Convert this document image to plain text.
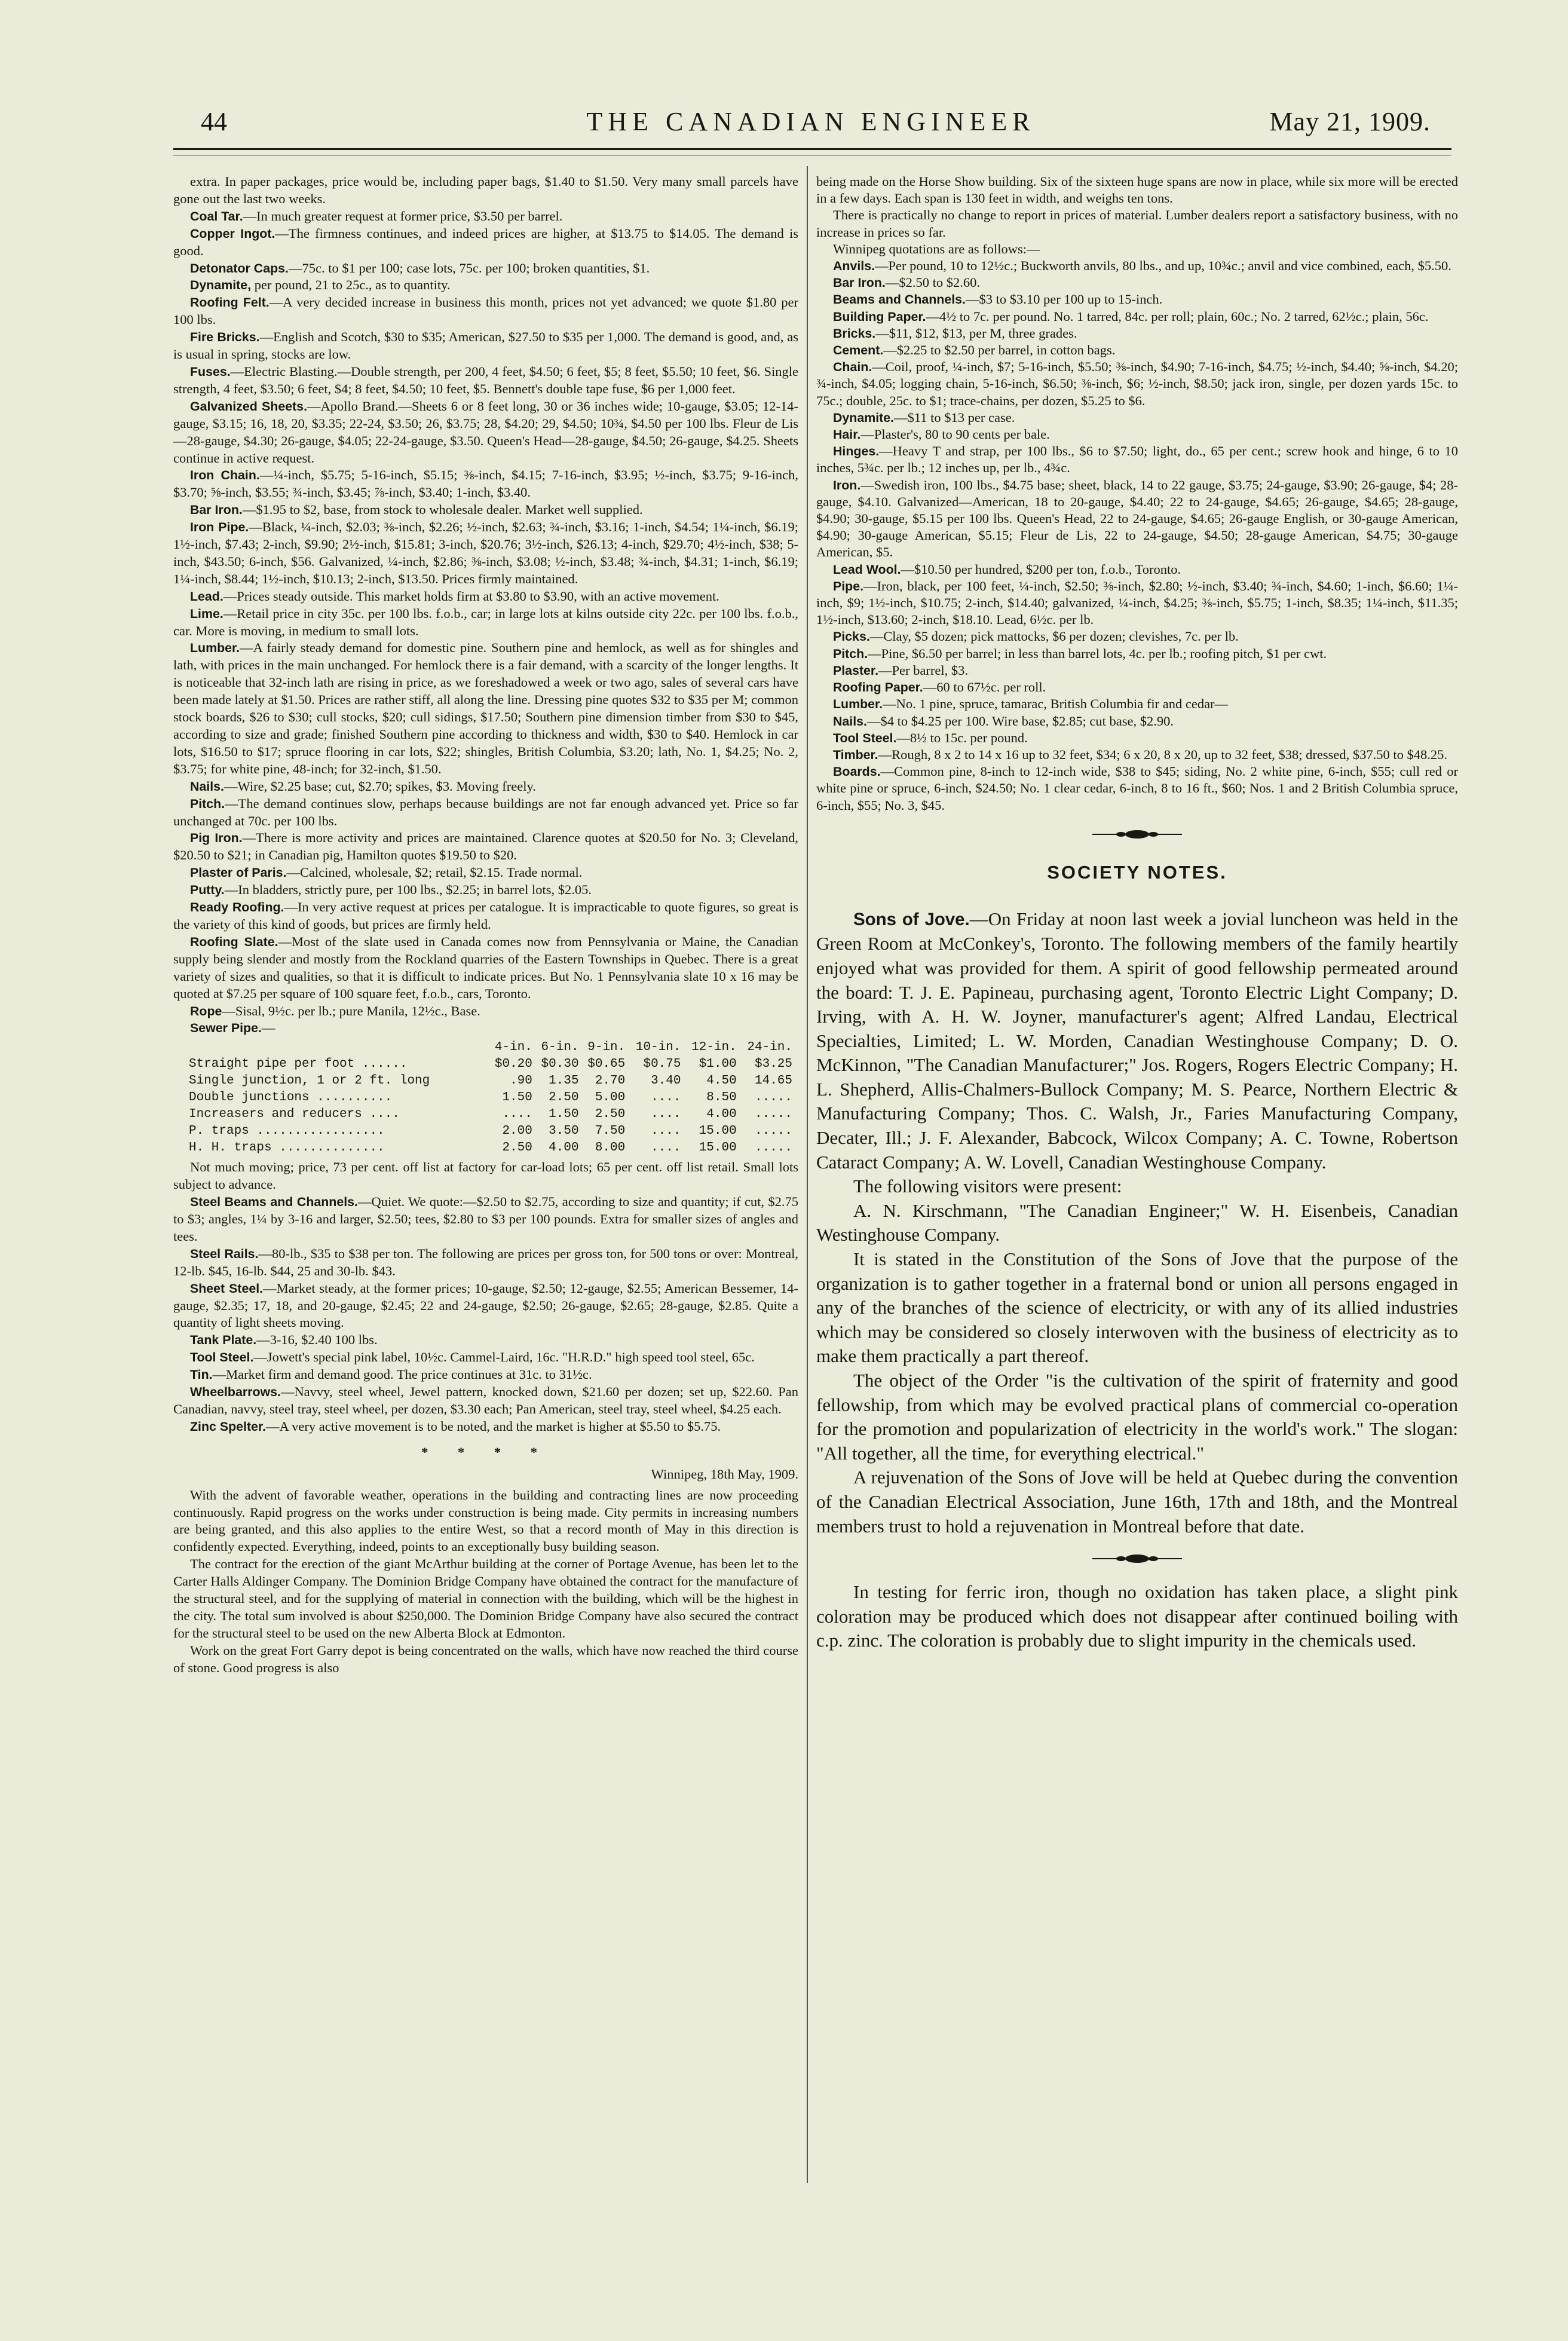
44	THE CANADIAN ENGINEER	May 21, 1909.

extra. In paper packages, price would be, including paper bags, $1.40 to $1.50. Very many small parcels have gone out the last two weeks.

Coal Tar.—In much greater request at former price, $3.50 per barrel.

Copper Ingot.—The firmness continues, and indeed prices are higher, at $13.75 to $14.05. The demand is good.

Detonator Caps.—75c. to $1 per 100; case lots, 75c. per 100; broken quantities, $1.

Dynamite, per pound, 21 to 25c., as to quantity.

Roofing Felt.—A very decided increase in business this month, prices not yet advanced; we quote $1.80 per 100 lbs.

Fire Bricks.—English and Scotch, $30 to $35; American, $27.50 to $35 per 1,000. The demand is good, and, as is usual in spring, stocks are low.

Fuses.—Electric Blasting.—Double strength, per 200, 4 feet, $4.50; 6 feet, $5; 8 feet, $5.50; 10 feet, $6. Single strength, 4 feet, $3.50; 6 feet, $4; 8 feet, $4.50; 10 feet, $5. Bennett's double tape fuse, $6 per 1,000 feet.

Galvanized Sheets.—Apollo Brand.—Sheets 6 or 8 feet long, 30 or 36 inches wide; 10-gauge, $3.05; 12-14-gauge, $3.15; 16, 18, 20, $3.35; 22-24, $3.50; 26, $3.75; 28, $4.20; 29, $4.50; 10¾, $4.50 per 100 lbs. Fleur de Lis—28-gauge, $4.30; 26-gauge, $4.05; 22-24-gauge, $3.50. Queen's Head—28-gauge, $4.50; 26-gauge, $4.25. Sheets continue in active request.

Iron Chain.—¼-inch, $5.75; 5-16-inch, $5.15; ⅜-inch, $4.15; 7-16-inch, $3.95; ½-inch, $3.75; 9-16-inch, $3.70; ⅝-inch, $3.55; ¾-inch, $3.45; ⅞-inch, $3.40; 1-inch, $3.40.

Bar Iron.—$1.95 to $2, base, from stock to wholesale dealer. Market well supplied.

Iron Pipe.—Black, ¼-inch, $2.03; ⅜-inch, $2.26; ½-inch, $2.63; ¾-inch, $3.16; 1-inch, $4.54; 1¼-inch, $6.19; 1½-inch, $7.43; 2-inch, $9.90; 2½-inch, $15.81; 3-inch, $20.76; 3½-inch, $26.13; 4-inch, $29.70; 4½-inch, $38; 5-inch, $43.50; 6-inch, $56. Galvanized, ¼-inch, $2.86; ⅜-inch, $3.08; ½-inch, $3.48; ¾-inch, $4.31; 1-inch, $6.19; 1¼-inch, $8.44; 1½-inch, $10.13; 2-inch, $13.50. Prices firmly maintained.

Lead.—Prices steady outside. This market holds firm at $3.80 to $3.90, with an active movement.

Lime.—Retail price in city 35c. per 100 lbs. f.o.b., car; in large lots at kilns outside city 22c. per 100 lbs. f.o.b., car. More is moving, in medium to small lots.

Lumber.—A fairly steady demand for domestic pine. Southern pine and hemlock, as well as for shingles and lath, with prices in the main unchanged. For hemlock there is a fair demand, with a scarcity of the longer lengths. It is noticeable that 32-inch lath are rising in price, as we foreshadowed a week or two ago, sales of several cars have been made lately at $1.50. Prices are rather stiff, all along the line. Dressing pine quotes $32 to $35 per M; common stock boards, $26 to $30; cull stocks, $20; cull sidings, $17.50; Southern pine dimension timber from $30 to $45, according to size and grade; finished Southern pine according to thickness and width, $30 to $40. Hemlock in car lots, $16.50 to $17; spruce flooring in car lots, $22; shingles, British Columbia, $3.20; lath, No. 1, $4.25; No. 2, $3.75; for white pine, 48-inch; for 32-inch, $1.50.

Nails.—Wire, $2.25 base; cut, $2.70; spikes, $3. Moving freely.

Pitch.—The demand continues slow, perhaps because buildings are not far enough advanced yet. Price so far unchanged at 70c. per 100 lbs.

Pig Iron.—There is more activity and prices are maintained. Clarence quotes at $20.50 for No. 3; Cleveland, $20.50 to $21; in Canadian pig, Hamilton quotes $19.50 to $20.

Plaster of Paris.—Calcined, wholesale, $2; retail, $2.15. Trade normal.

Putty.—In bladders, strictly pure, per 100 lbs., $2.25; in barrel lots, $2.05.

Ready Roofing.—In very active request at prices per catalogue. It is impracticable to quote figures, so great is the variety of this kind of goods, but prices are firmly held.

Roofing Slate.—Most of the slate used in Canada comes now from Pennsylvania or Maine, the Canadian supply being slender and mostly from the Rockland quarries of the Eastern Townships in Quebec. There is a great variety of sizes and qualities, so that it is difficult to indicate prices. But No. 1 Pennsylvania slate 10 x 16 may be quoted at $7.25 per square of 100 square feet, f.o.b., cars, Toronto.

Rope—Sisal, 9½c. per lb.; pure Manila, 12½c., Base.

Sewer Pipe.—

	4-in.	6-in.	9-in.	10-in.	12-in.	24-in.
Straight pipe per foot ......	$0.20	$0.30	$0.65	$0.75	$1.00	$3.25
Single junction, 1 or 2 ft. long	.90	1.35	2.70	3.40	4.50	14.65
Double junctions ..........	1.50	2.50	5.00	....	8.50	.....
Increasers and reducers ....	....	1.50	2.50	....	4.00	.....
P. traps .................	2.00	3.50	7.50	....	15.00	.....
H. H. traps ..............	2.50	4.00	8.00	....	15.00	.....

Not much moving; price, 73 per cent. off list at factory for car-load lots; 65 per cent. off list retail. Small lots subject to advance.

Steel Beams and Channels.—Quiet. We quote:—$2.50 to $2.75, according to size and quantity; if cut, $2.75 to $3; angles, 1¼ by 3-16 and larger, $2.50; tees, $2.80 to $3 per 100 pounds. Extra for smaller sizes of angles and tees.

Steel Rails.—80-lb., $35 to $38 per ton. The following are prices per gross ton, for 500 tons or over: Montreal, 12-lb. $45, 16-lb. $44, 25 and 30-lb. $43.

Sheet Steel.—Market steady, at the former prices; 10-gauge, $2.50; 12-gauge, $2.55; American Bessemer, 14-gauge, $2.35; 17, 18, and 20-gauge, $2.45; 22 and 24-gauge, $2.50; 26-gauge, $2.65; 28-gauge, $2.85. Quite a quantity of light sheets moving.

Tank Plate.—3-16, $2.40 100 lbs.

Tool Steel.—Jowett's special pink label, 10½c. Cammel-Laird, 16c. "H.R.D." high speed tool steel, 65c.

Tin.—Market firm and demand good. The price continues at 31c. to 31½c.

Wheelbarrows.—Navvy, steel wheel, Jewel pattern, knocked down, $21.60 per dozen; set up, $22.60. Pan Canadian, navvy, steel tray, steel wheel, per dozen, $3.30 each; Pan American, steel tray, steel wheel, $4.25 each.

Zinc Spelter.—A very active movement is to be noted, and the market is higher at $5.50 to $5.75.

* * * *
Winnipeg, 18th May, 1909.

With the advent of favorable weather, operations in the building and contracting lines are now proceeding continuously. Rapid progress on the works under construction is being made. City permits in increasing numbers are being granted, and this also applies to the entire West, so that a record month of May in this direction is confidently expected. Everything, indeed, points to an exceptionally busy building season.

The contract for the erection of the giant McArthur building at the corner of Portage Avenue, has been let to the Carter Halls Aldinger Company. The Dominion Bridge Company have obtained the contract for the manufacture of the structural steel, and for the supplying of material in connection with the building, which will be the highest in the city. The total sum involved is about $250,000. The Dominion Bridge Company have also secured the contract for the structural steel to be used on the new Alberta Block at Edmonton.

Work on the great Fort Garry depot is being concentrated on the walls, which have now reached the third course of stone. Good progress is also

being made on the Horse Show building. Six of the sixteen huge spans are now in place, while six more will be erected in a few days. Each span is 130 feet in width, and weighs ten tons.

There is practically no change to report in prices of material. Lumber dealers report a satisfactory business, with no increase in prices so far.

Winnipeg quotations are as follows:—

Anvils.—Per pound, 10 to 12½c.; Buckworth anvils, 80 lbs., and up, 10¾c.; anvil and vice combined, each, $5.50.

Bar Iron.—$2.50 to $2.60.

Beams and Channels.—$3 to $3.10 per 100 up to 15-inch.

Building Paper.—4½ to 7c. per pound. No. 1 tarred, 84c. per roll; plain, 60c.; No. 2 tarred, 62½c.; plain, 56c.

Bricks.—$11, $12, $13, per M, three grades.

Cement.—$2.25 to $2.50 per barrel, in cotton bags.

Chain.—Coil, proof, ¼-inch, $7; 5-16-inch, $5.50; ⅜-inch, $4.90; 7-16-inch, $4.75; ½-inch, $4.40; ⅝-inch, $4.20; ¾-inch, $4.05; logging chain, 5-16-inch, $6.50; ⅜-inch, $6; ½-inch, $8.50; jack iron, single, per dozen yards 15c. to 75c.; double, 25c. to $1; trace-chains, per dozen, $5.25 to $6.

Dynamite.—$11 to $13 per case.

Hair.—Plaster's, 80 to 90 cents per bale.

Hinges.—Heavy T and strap, per 100 lbs., $6 to $7.50; light, do., 65 per cent.; screw hook and hinge, 6 to 10 inches, 5¾c. per lb.; 12 inches up, per lb., 4¾c.

Iron.—Swedish iron, 100 lbs., $4.75 base; sheet, black, 14 to 22 gauge, $3.75; 24-gauge, $3.90; 26-gauge, $4; 28-gauge, $4.10. Galvanized—American, 18 to 20-gauge, $4.40; 22 to 24-gauge, $4.65; 26-gauge, $4.65; 28-gauge, $4.90; 30-gauge, $5.15 per 100 lbs. Queen's Head, 22 to 24-gauge, $4.65; 26-gauge English, or 30-gauge American, $4.90; 30-gauge American, $5.15; Fleur de Lis, 22 to 24-gauge, $4.50; 28-gauge American, $4.75; 30-gauge American, $5.

Lead Wool.—$10.50 per hundred, $200 per ton, f.o.b., Toronto.

Pipe.—Iron, black, per 100 feet, ¼-inch, $2.50; ⅜-inch, $2.80; ½-inch, $3.40; ¾-inch, $4.60; 1-inch, $6.60; 1¼-inch, $9; 1½-inch, $10.75; 2-inch, $14.40; galvanized, ¼-inch, $4.25; ⅜-inch, $5.75; 1-inch, $8.35; 1¼-inch, $11.35; 1½-inch, $13.60; 2-inch, $18.10. Lead, 6½c. per lb.

Picks.—Clay, $5 dozen; pick mattocks, $6 per dozen; clevishes, 7c. per lb.

Pitch.—Pine, $6.50 per barrel; in less than barrel lots, 4c. per lb.; roofing pitch, $1 per cwt.

Plaster.—Per barrel, $3.

Roofing Paper.—60 to 67½c. per roll.

Lumber.—No. 1 pine, spruce, tamarac, British Columbia fir and cedar—

Nails.—$4 to $4.25 per 100. Wire base, $2.85; cut base, $2.90.

Tool Steel.—8½ to 15c. per pound.

Timber.—Rough, 8 x 2 to 14 x 16 up to 32 feet, $34; 6 x 20, 8 x 20, up to 32 feet, $38; dressed, $37.50 to $48.25.

Boards.—Common pine, 8-inch to 12-inch wide, $38 to $45; siding, No. 2 white pine, 6-inch, $55; cull red or white pine or spruce, 6-inch, $24.50; No. 1 clear cedar, 6-inch, 8 to 16 ft., $60; Nos. 1 and 2 British Columbia spruce, 6-inch, $55; No. 3, $45.

SOCIETY NOTES.

Sons of Jove.—On Friday at noon last week a jovial luncheon was held in the Green Room at McConkey's, Toronto. The following members of the family heartily enjoyed what was provided for them. A spirit of good fellowship permeated around the board: T. J. E. Papineau, purchasing agent, Toronto Electric Light Company; D. Irving, with A. H. W. Joyner, manufacturer's agent; Alfred Landau, Electrical Specialties, Limited; L. W. Morden, Canadian Westinghouse Company; D. O. McKinnon, "The Canadian Manufacturer;" Jos. Rogers, Rogers Electric Company; H. L. Shepherd, Allis-Chalmers-Bullock Company; M. S. Pearce, Northern Electric & Manufacturing Company; Thos. C. Walsh, Jr., Faries Manufacturing Company, Decater, Ill.; J. F. Alexander, Babcock, Wilcox Company; A. C. Towne, Robertson Cataract Company; A. W. Lovell, Canadian Westinghouse Company.

The following visitors were present:

A. N. Kirschmann, "The Canadian Engineer;" W. H. Eisenbeis, Canadian Westinghouse Company.

It is stated in the Constitution of the Sons of Jove that the purpose of the organization is to gather together in a fraternal bond or union all persons engaged in any of the branches of the science of electricity, or with any of its allied industries which may be considered so closely interwoven with the business of electricity as to make them practically a part thereof.

The object of the Order "is the cultivation of the spirit of fraternity and good fellowship, from which may be evolved practical plans of commercial co-operation for the promotion and popularization of electricity in the world's work." The slogan: "All together, all the time, for everything electrical."

A rejuvenation of the Sons of Jove will be held at Quebec during the convention of the Canadian Electrical Association, June 16th, 17th and 18th, and the Montreal members trust to hold a rejuvenation in Montreal before that date.

In testing for ferric iron, though no oxidation has taken place, a slight pink coloration may be produced which does not disappear after continued boiling with c.p. zinc. The coloration is probably due to slight impurity in the chemicals used.
